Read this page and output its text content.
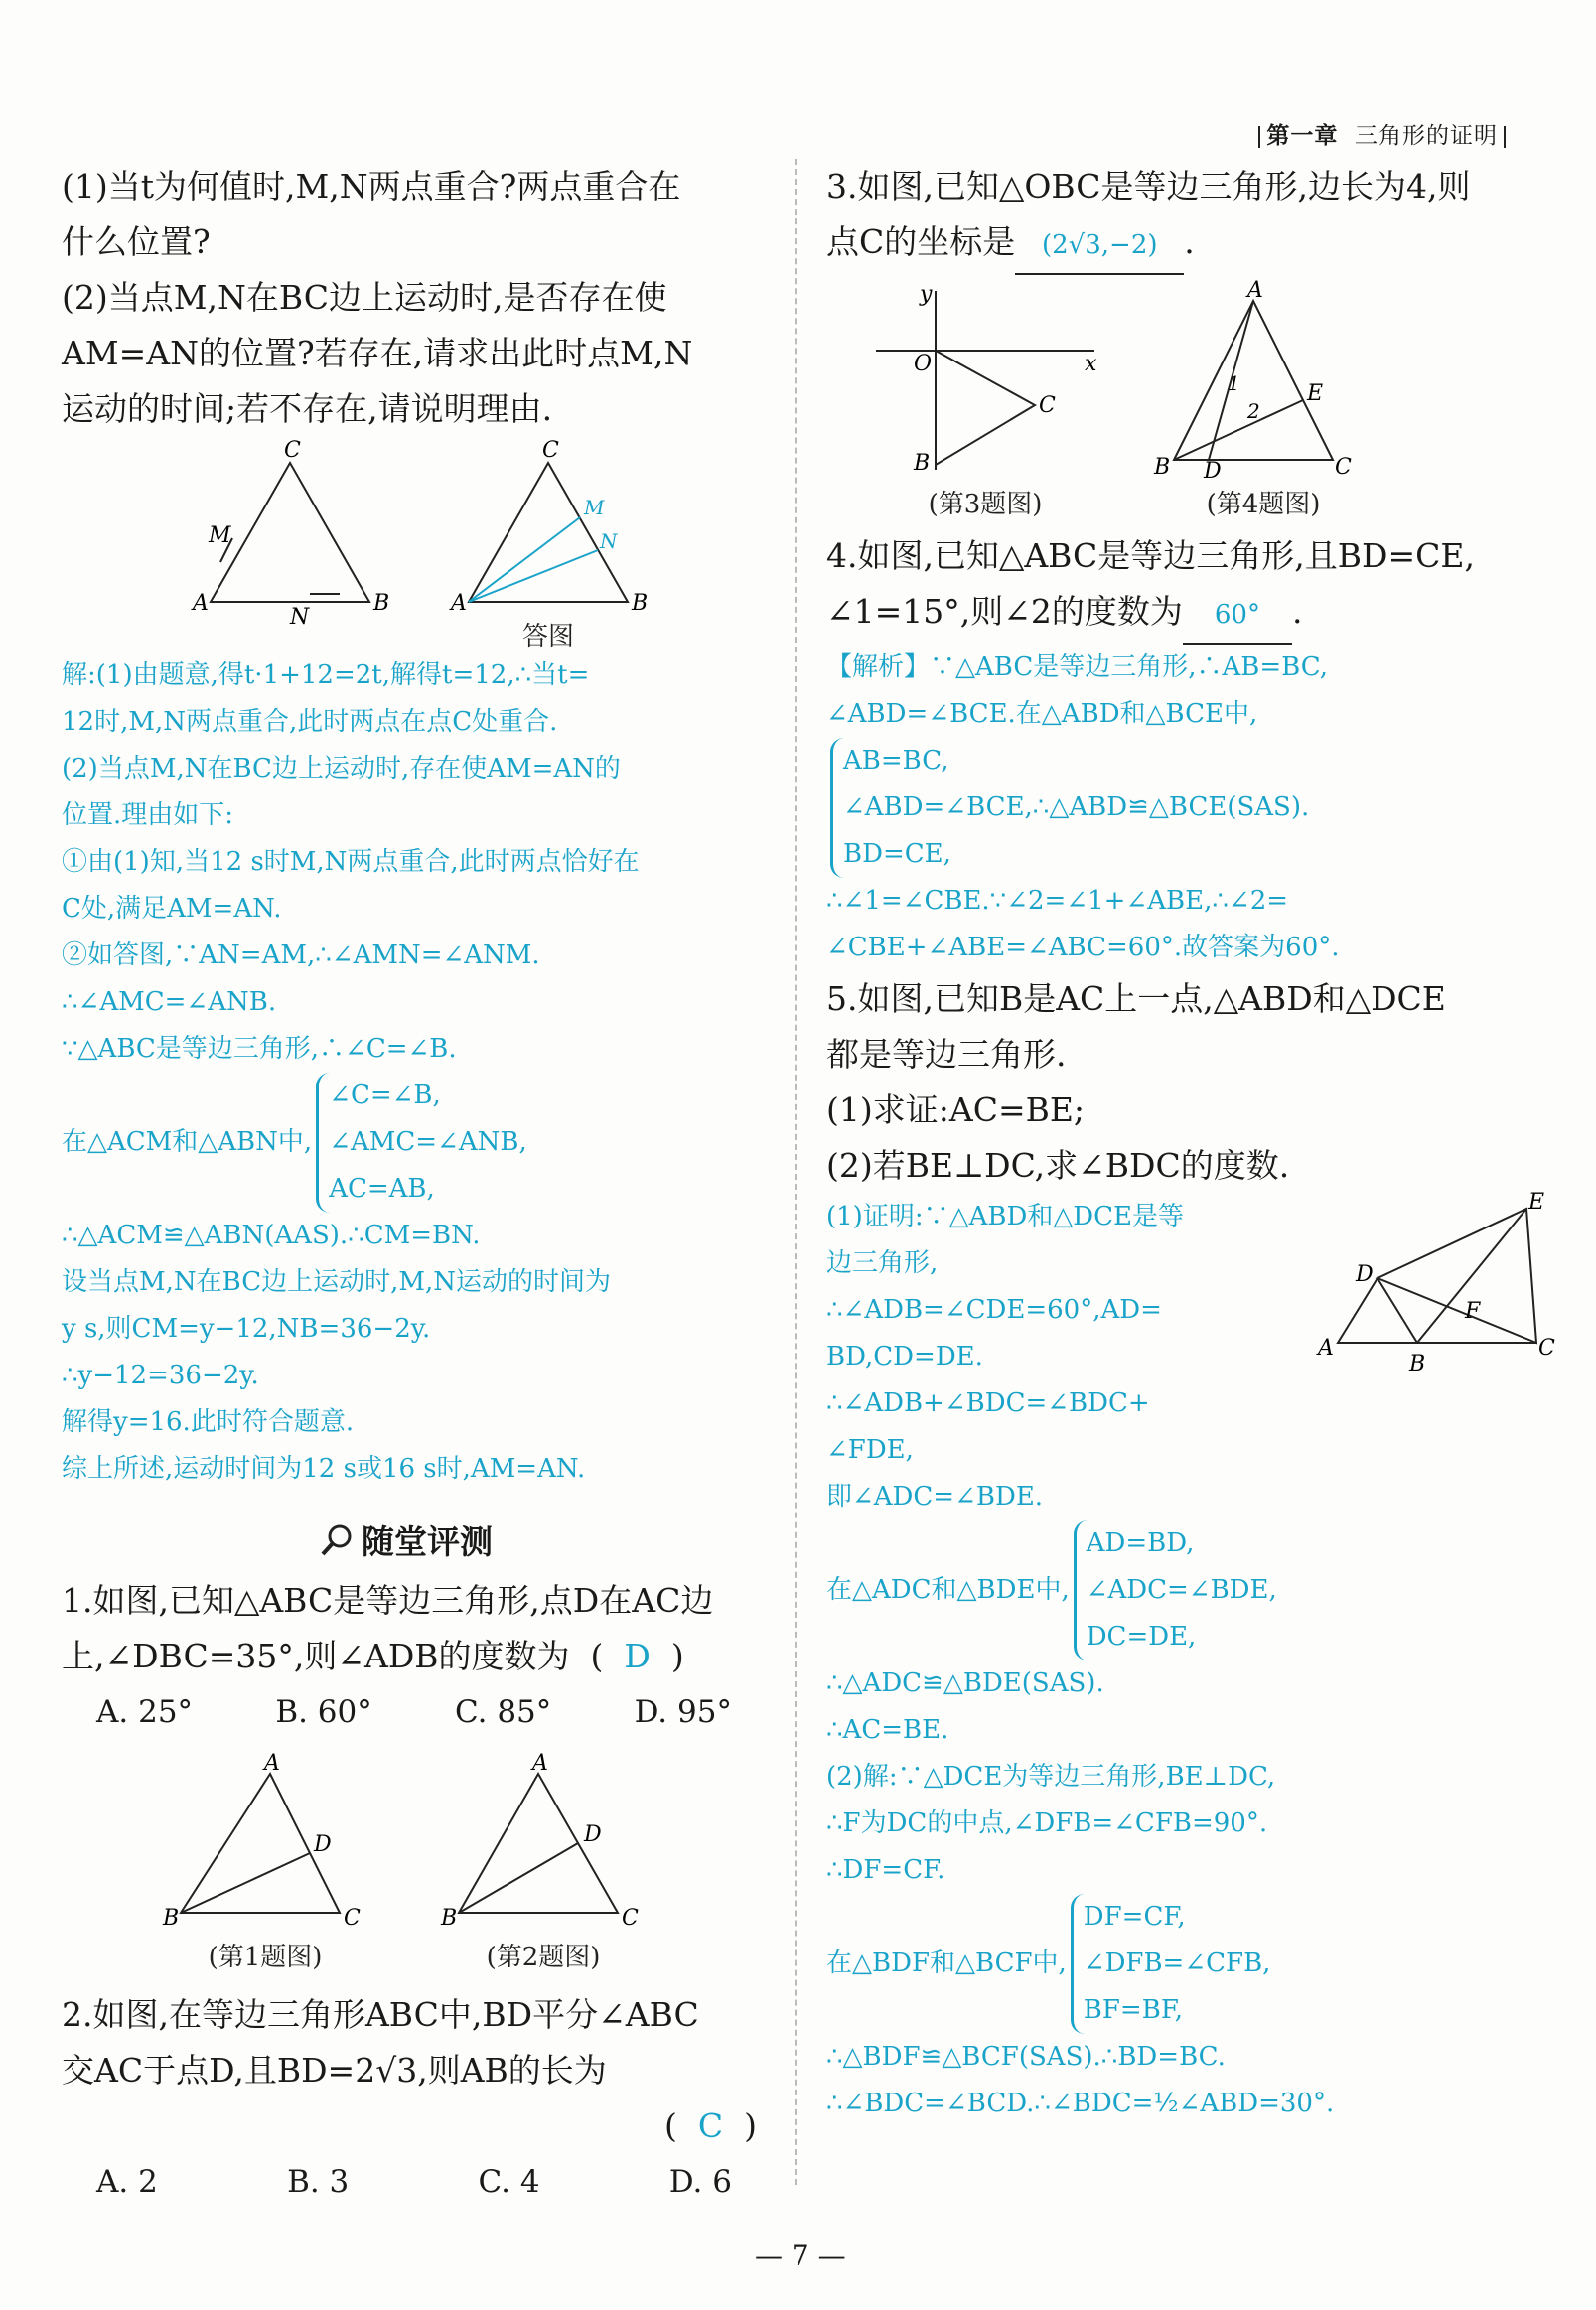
第一章 三角形的证明

(1)当t为何值时,M,N两点重合?两点重合在

什么位置?

(2)当点M,N在BC边上运动时,是否存在使

AM=AN的位置?若存在,请求出此时点M,N

运动的时间;若不存在,请说明理由.

C
A	B
M
N
C
A	B
M
N
答图

解:(1)由题意,得t·1+12=2t,解得t=12,∴当t=

12时,M,N两点重合,此时两点在点C处重合.

(2)当点M,N在BC边上运动时,存在使AM=AN的

位置.理由如下:

①由(1)知,当12 s时M,N两点重合,此时两点恰好在

C处,满足AM=AN.

②如答图,∵AN=AM,∴∠AMN=∠ANM.

∴∠AMC=∠ANB.

∵△ABC是等边三角形,∴∠C=∠B.

在△ACM和△ABN中,
∠C=∠B,
∠AMC=∠ANB,
AC=AB,

∴△ACM≌△ABN(AAS).∴CM=BN.

设当点M,N在BC边上运动时,M,N运动的时间为

y s,则CM=y−12,NB=36−2y.

∴y−12=36−2y.

解得y=16.此时符合题意.

综上所述,运动时间为12 s或16 s时,AM=AN.

随堂评测

1.如图,已知△ABC是等边三角形,点D在AC边

上,∠DBC=35°,则∠ADB的度数为  (  D  )

A. 25°	B. 60°	C. 85°	D. 95°
A
B	C
D
(第1题图)
A
B	C
D
(第2题图)

2.如图,在等边三角形ABC中,BD平分∠ABC

交AC于点D,且BD=2√3,则AB的长为

(  C  )

A. 2	B. 3	C. 4	D. 6

3.如图,已知△OBC是等边三角形,边长为4,则

点C的坐标是 (2√3,−2) .

y
x
O
C
B
(第3题图)
A
B D	C
E
1
2
(第4题图)

4.如图,已知△ABC是等边三角形,且BD=CE,

∠1=15°,则∠2的度数为 60° .

【解析】∵△ABC是等边三角形,∴AB=BC,

∠ABD=∠BCE.在△ABD和△BCE中,

AB=BC,
∠ABD=∠BCE,∴△ABD≌△BCE(SAS).
BD=CE,

∴∠1=∠CBE.∵∠2=∠1+∠ABE,∴∠2=

∠CBE+∠ABE=∠ABC=60°.故答案为60°.

5.如图,已知B是AC上一点,△ABD和△DCE

都是等边三角形.

(1)求证:AC=BE;

(2)若BE⊥DC,求∠BDC的度数.

A
B
C
D
E
F

(1)证明:∵△ABD和△DCE是等

边三角形,

∴∠ADB=∠CDE=60°,AD=

BD,CD=DE.

∴∠ADB+∠BDC=∠BDC+

∠FDE,

即∠ADC=∠BDE.

在△ADC和△BDE中,
AD=BD,
∠ADC=∠BDE,
DC=DE,

∴△ADC≌△BDE(SAS).

∴AC=BE.

(2)解:∵△DCE为等边三角形,BE⊥DC,

∴F为DC的中点,∠DFB=∠CFB=90°.

∴DF=CF.

在△BDF和△BCF中,
DF=CF,
∠DFB=∠CFB,
BF=BF,

∴△BDF≌△BCF(SAS).∴BD=BC.

∴∠BDC=∠BCD.∴∠BDC=½∠ABD=30°.

— 7 —
